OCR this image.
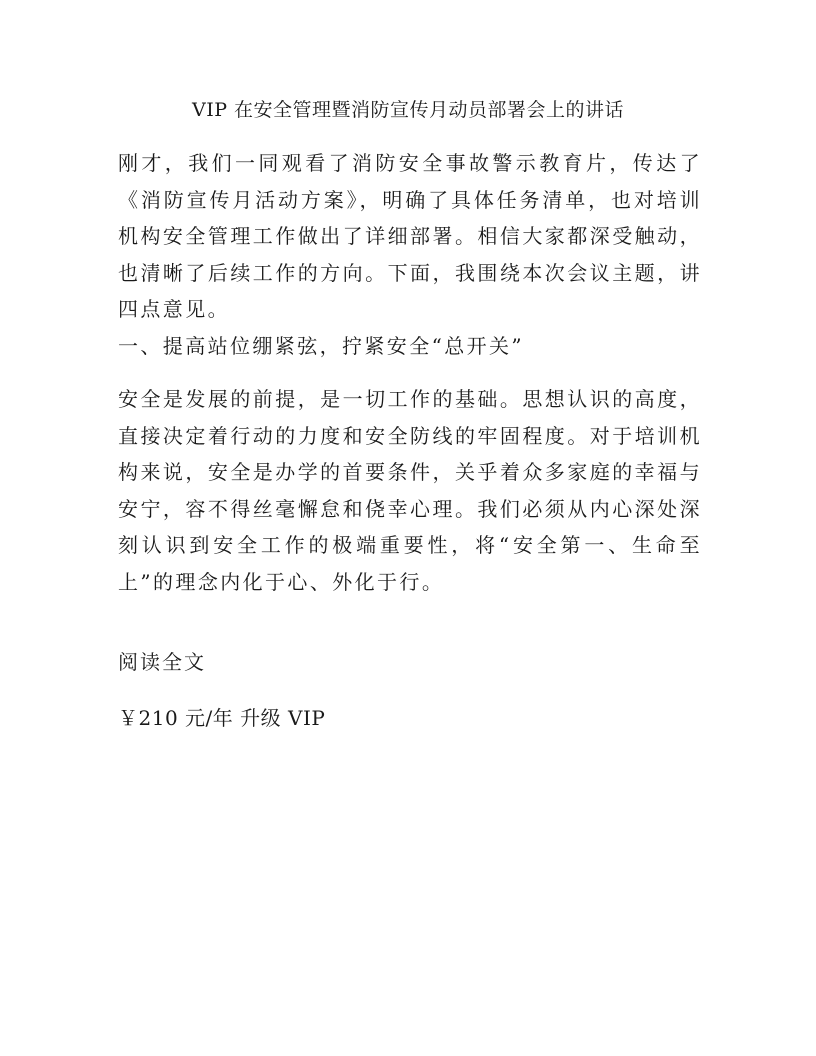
VIP 在安全管理暨消防宣传月动员部署会上的讲话

刚才，我们一同观看了消防安全事故警示教育片，传达了《消防宣传月活动方案》，明确了具体任务清单，也对培训机构安全管理工作做出了详细部署。相信大家都深受触动，也清晰了后续工作的方向。下面，我围绕本次会议主题，讲四点意见。

一、提高站位绷紧弦，拧紧安全“总开关”

安全是发展的前提，是一切工作的基础。思想认识的高度，直接决定着行动的力度和安全防线的牢固程度。对于培训机构来说，安全是办学的首要条件，关乎着众多家庭的幸福与安宁，容不得丝毫懈怠和侥幸心理。我们必须从内心深处深刻认识到安全工作的极端重要性，将“安全第一、生命至上”的理念内化于心、外化于行。

阅读全文
￥210 元/年 升级 VIP
